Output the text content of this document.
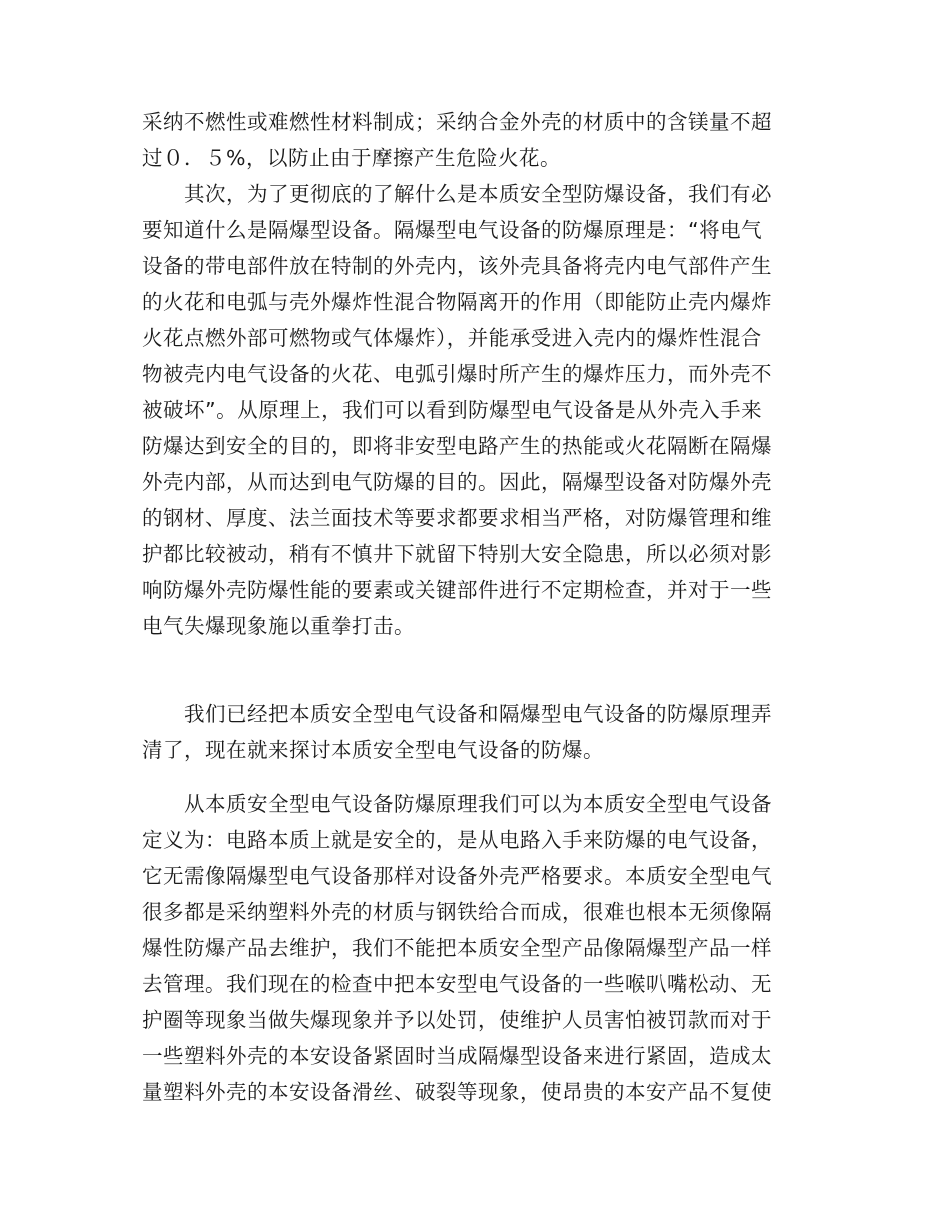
采纳不燃性或难燃性材料制成；采纳合金外壳的材质中的含镁量不超
过０．５%，以防止由于摩擦产生危险火花。
　　其次，为了更彻底的了解什么是本质安全型防爆设备，我们有必
要知道什么是隔爆型设备。隔爆型电气设备的防爆原理是：“将电气
设备的带电部件放在特制的外壳内，该外壳具备将壳内电气部件产生
的火花和电弧与壳外爆炸性混合物隔离开的作用（即能防止壳内爆炸
火花点燃外部可燃物或气体爆炸），并能承受进入壳内的爆炸性混合
物被壳内电气设备的火花、电弧引爆时所产生的爆炸压力，而外壳不
被破坏”。从原理上，我们可以看到防爆型电气设备是从外壳入手来
防爆达到安全的目的，即将非安型电路产生的热能或火花隔断在隔爆
外壳内部，从而达到电气防爆的目的。因此，隔爆型设备对防爆外壳
的钢材、厚度、法兰面技术等要求都要求相当严格，对防爆管理和维
护都比较被动，稍有不慎井下就留下特别大安全隐患，所以必须对影
响防爆外壳防爆性能的要素或关键部件进行不定期检查，并对于一些
电气失爆现象施以重拳打击。
　　我们已经把本质安全型电气设备和隔爆型电气设备的防爆原理弄
清了，现在就来探讨本质安全型电气设备的防爆。
　　从本质安全型电气设备防爆原理我们可以为本质安全型电气设备
定义为：电路本质上就是安全的，是从电路入手来防爆的电气设备，
它无需像隔爆型电气设备那样对设备外壳严格要求。本质安全型电气
很多都是采纳塑料外壳的材质与钢铁给合而成，很难也根本无须像隔
爆性防爆产品去维护，我们不能把本质安全型产品像隔爆型产品一样
去管理。我们现在的检查中把本安型电气设备的一些喉叭嘴松动、无
护圈等现象当做失爆现象并予以处罚，使维护人员害怕被罚款而对于
一些塑料外壳的本安设备紧固时当成隔爆型设备来进行紧固，造成太
量塑料外壳的本安设备滑丝、破裂等现象，使昂贵的本安产品不复使
